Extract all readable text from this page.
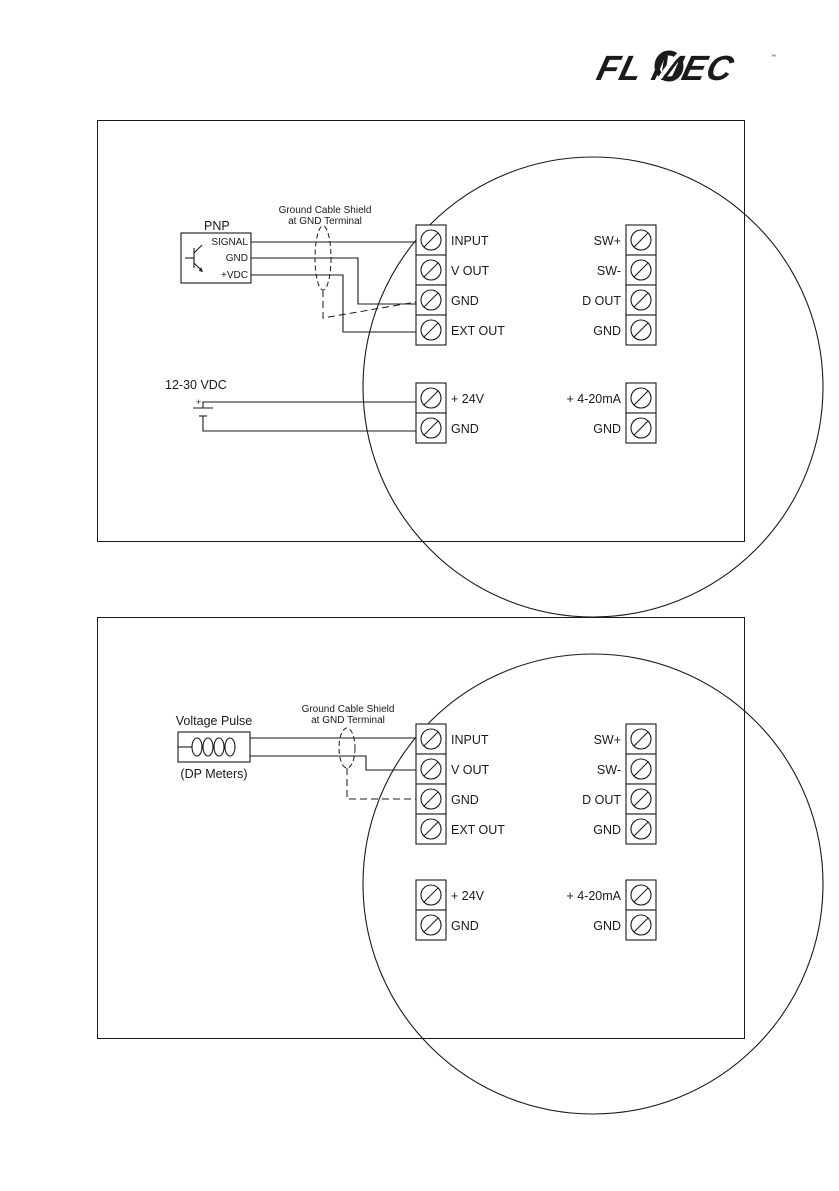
FL MEC	™
INPUT
V OUT
GND
EXT OUT
SW+
SW-
D OUT
GND
+ 24V
GND
+ 4-20mA
GND
PNP
SIGNAL
GND
+VDC
Ground Cable Shield
at GND Terminal
12-30 VDC
+
INPUT
V OUT
GND
EXT OUT
SW+
SW-
D OUT
GND
+ 24V
GND
+ 4-20mA
GND
Voltage Pulse
(DP Meters)
Ground Cable Shield
at GND Terminal
